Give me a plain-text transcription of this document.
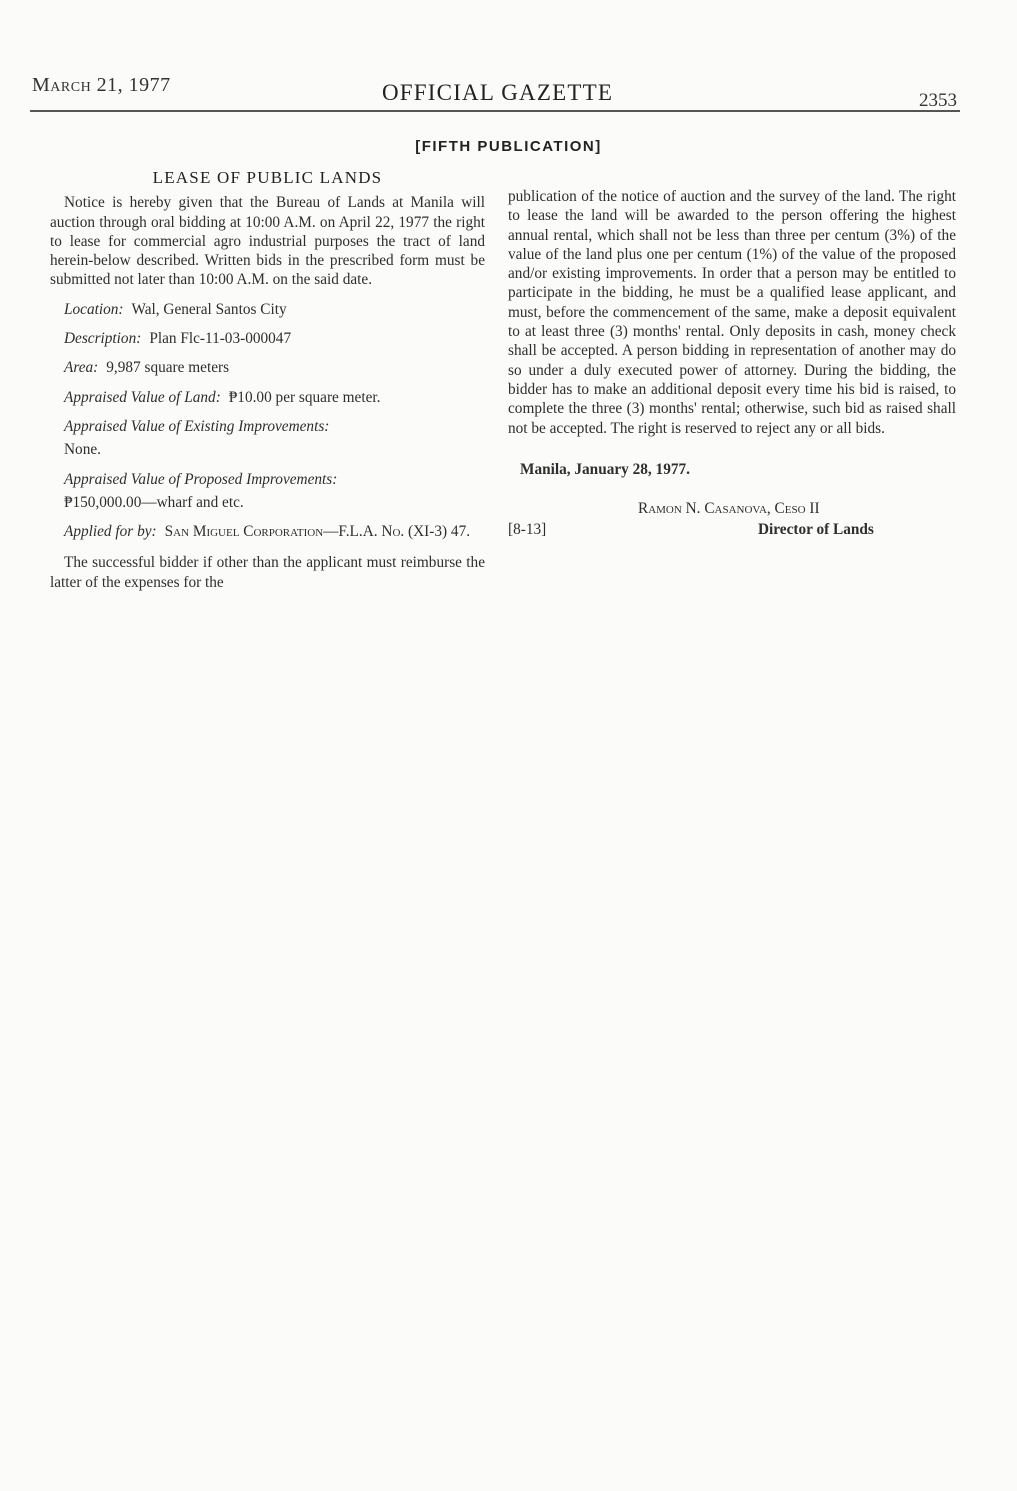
March 21, 1977	OFFICIAL GAZETTE	2353
[FIFTH PUBLICATION]
LEASE OF PUBLIC LANDS

Notice is hereby given that the Bureau of Lands at Manila will auction through oral bidding at 10:00 A.M. on April 22, 1977 the right to lease for commercial agro industrial purposes the tract of land herein-below described. Written bids in the prescribed form must be submitted not later than 10:00 A.M. on the said date.

Location: Wal, General Santos City
Description: Plan Flc-11-03-000047
Area: 9,987 square meters
Appraised Value of Land: ₱10.00 per square meter.
Appraised Value of Existing Improvements:
None.
Appraised Value of Proposed Improvements:
₱150,000.00—wharf and etc.
Applied for by: San Miguel Corporation—F.L.A. No. (XI-3) 47.

The successful bidder if other than the applicant must reimburse the latter of the expenses for the

publication of the notice of auction and the survey of the land. The right to lease the land will be awarded to the person offering the highest annual rental, which shall not be less than three per centum (3%) of the value of the land plus one per centum (1%) of the value of the proposed and/or existing improvements. In order that a person may be entitled to participate in the bidding, he must be a qualified lease applicant, and must, before the commencement of the same, make a deposit equivalent to at least three (3) months' rental. Only deposits in cash, money check shall be accepted. A person bidding in representation of another may do so under a duly executed power of attorney. During the bidding, the bidder has to make an additional deposit every time his bid is raised, to complete the three (3) months' rental; otherwise, such bid as raised shall not be accepted. The right is reserved to reject any or all bids.

Manila, January 28, 1977.
Ramon N. Casanova, Ceso II
[8-13]	Director of Lands
